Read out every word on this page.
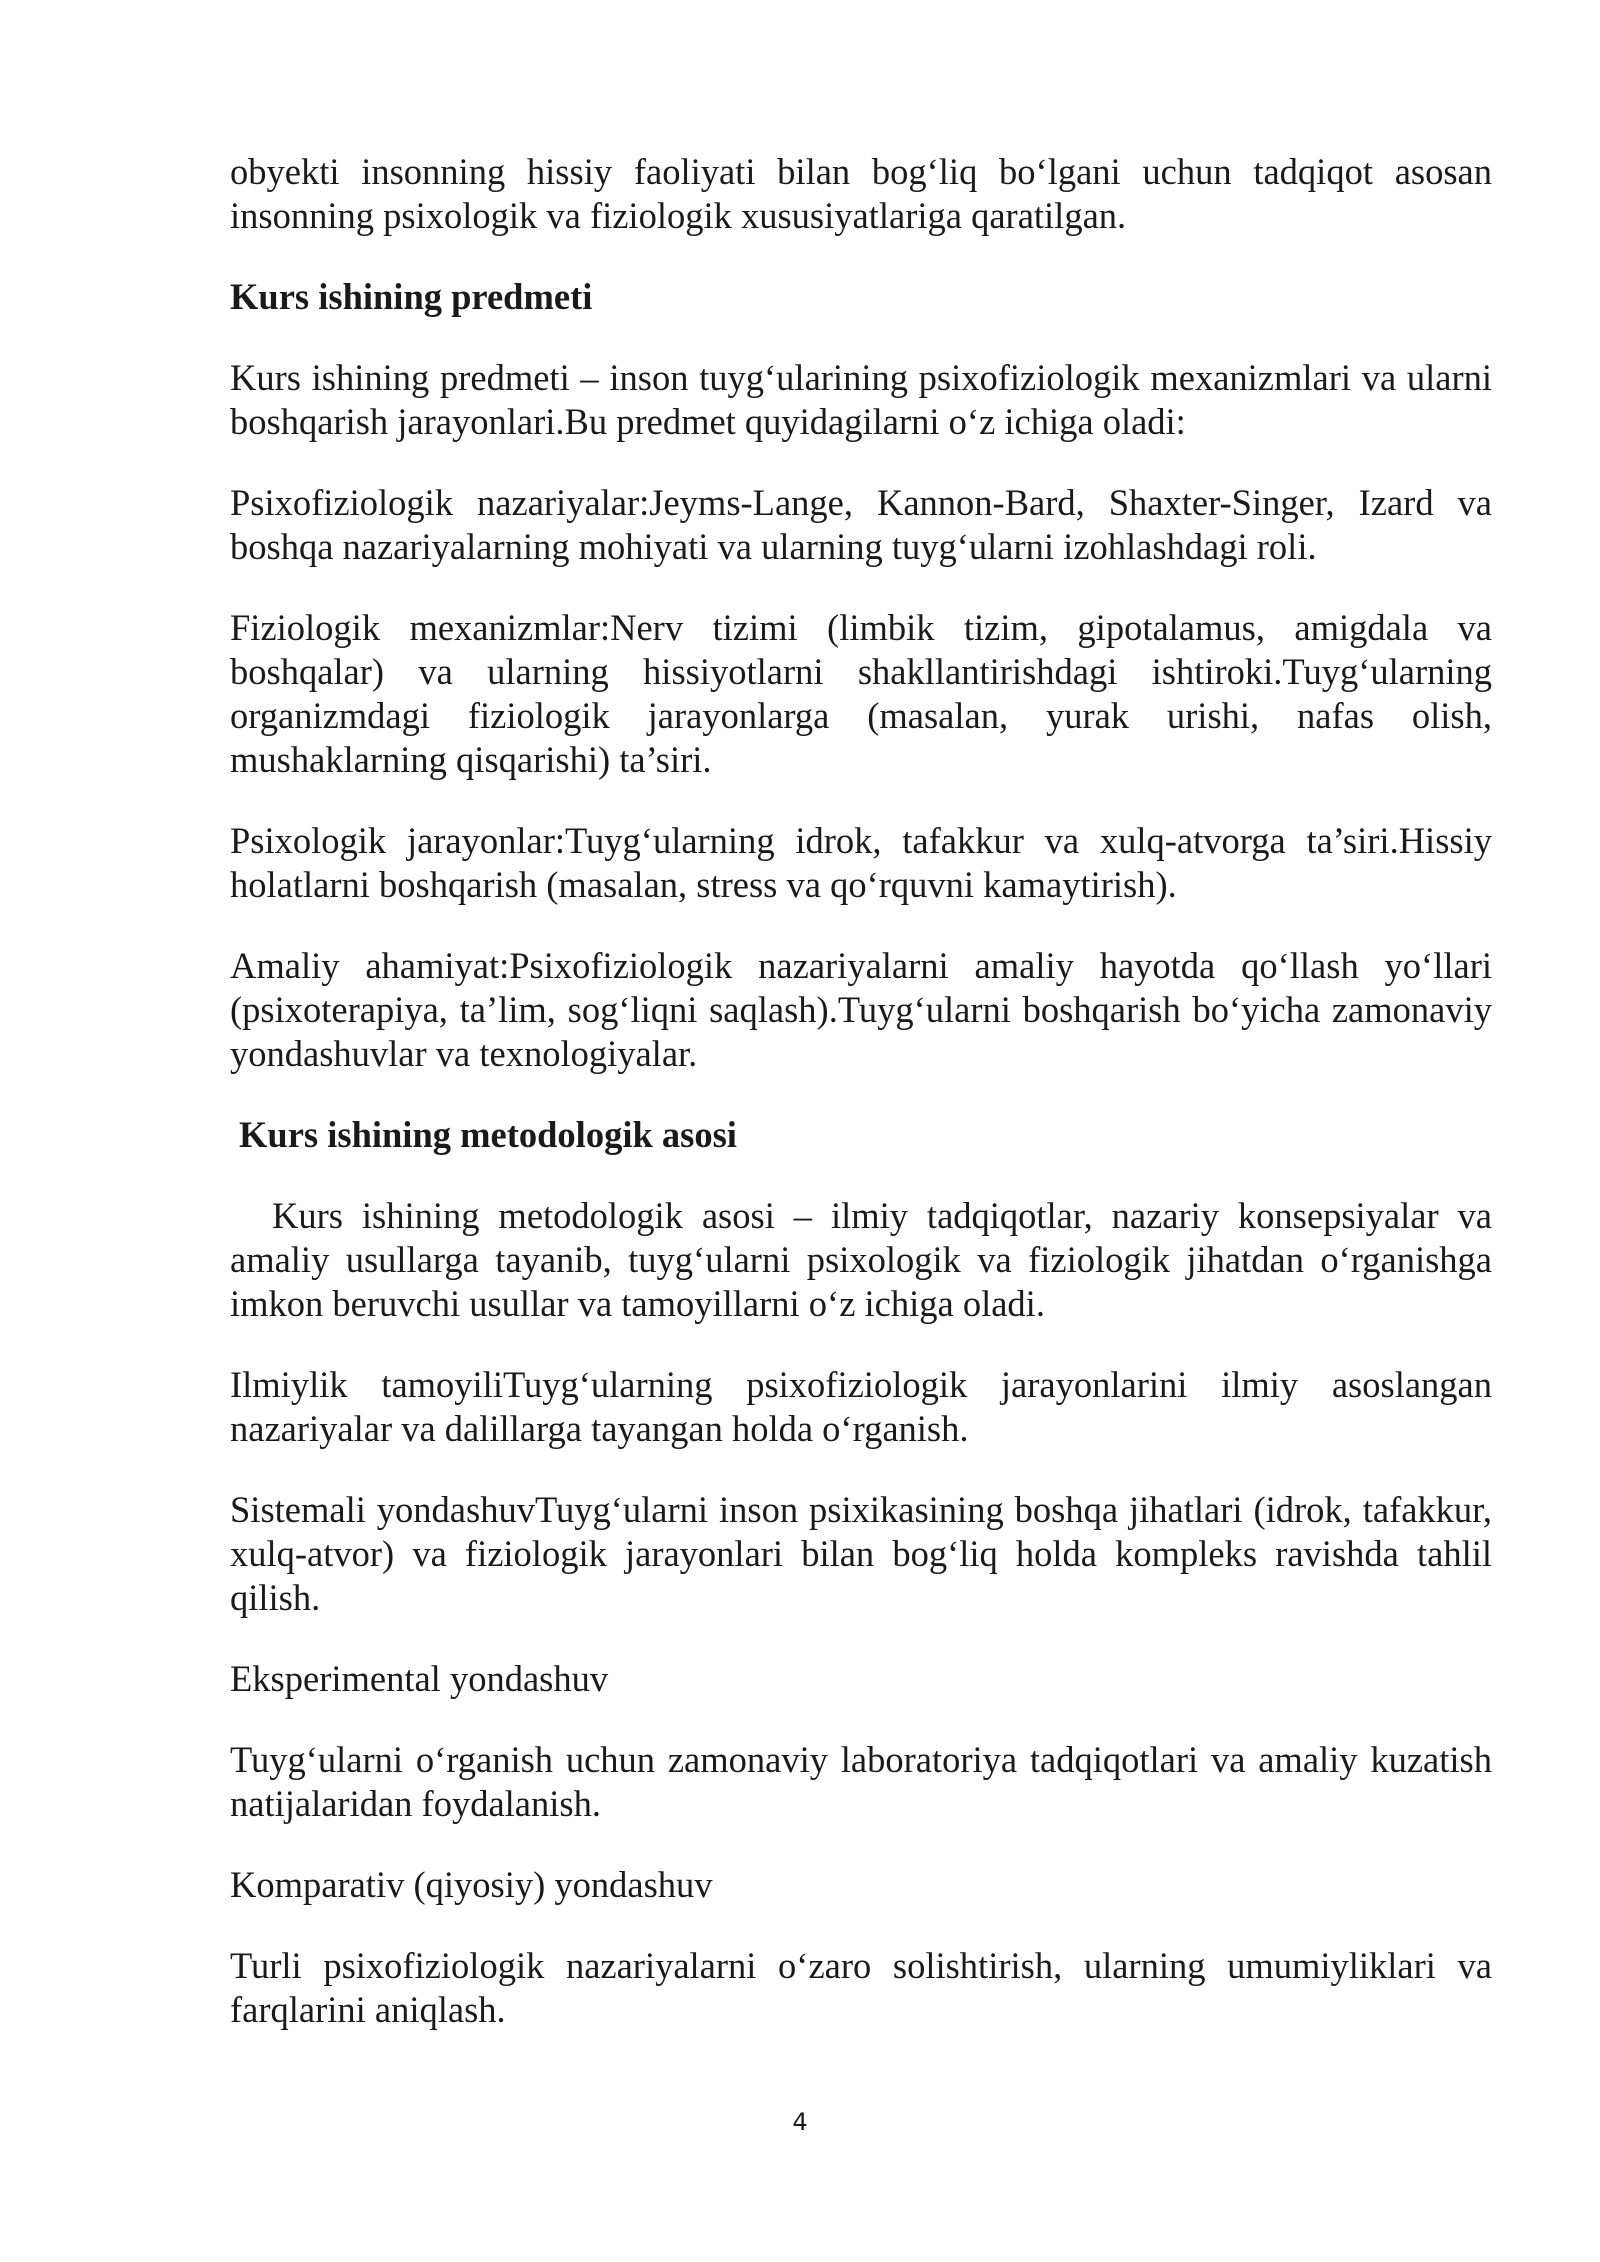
obyekti insonning hissiy faoliyati bilan bog‘liq bo‘lgani uchun tadqiqot asosan insonning psixologik va fiziologik xususiyatlariga qaratilgan.

Kurs ishining predmeti

Kurs ishining predmeti – inson tuyg‘ularining psixofiziologik mexanizmlari va ularni boshqarish jarayonlari.Bu predmet quyidagilarni o‘z ichiga oladi:

Psixofiziologik nazariyalar:Jeyms-Lange, Kannon-Bard, Shaxter-Singer, Izard va boshqa nazariyalarning mohiyati va ularning tuyg‘ularni izohlashdagi roli.

Fiziologik mexanizmlar:Nerv tizimi (limbik tizim, gipotalamus, amigdala va boshqalar) va ularning hissiyotlarni shakllantirishdagi ishtiroki.Tuyg‘ularning organizmdagi fiziologik jarayonlarga (masalan, yurak urishi, nafas olish, mushaklarning qisqarishi) ta’siri.

Psixologik jarayonlar:Tuyg‘ularning idrok, tafakkur va xulq-atvorga ta’siri.Hissiy holatlarni boshqarish (masalan, stress va qo‘rquvni kamaytirish).

Amaliy ahamiyat:Psixofiziologik nazariyalarni amaliy hayotda qo‘llash yo‘llari (psixoterapiya, ta’lim, sog‘liqni saqlash).Tuyg‘ularni boshqarish bo‘yicha zamonaviy yondashuvlar va texnologiyalar.

Kurs ishining metodologik asosi

Kurs ishining metodologik asosi – ilmiy tadqiqotlar, nazariy konsepsiyalar va amaliy usullarga tayanib, tuyg‘ularni psixologik va fiziologik jihatdan o‘rganishga imkon beruvchi usullar va tamoyillarni o‘z ichiga oladi.

Ilmiylik tamoyiliTuyg‘ularning psixofiziologik jarayonlarini ilmiy asoslangan nazariyalar va dalillarga tayangan holda o‘rganish.

Sistemali yondashuvTuyg‘ularni inson psixikasining boshqa jihatlari (idrok, tafakkur, xulq-atvor) va fiziologik jarayonlari bilan bog‘liq holda kompleks ravishda tahlil qilish.

Eksperimental yondashuv

Tuyg‘ularni o‘rganish uchun zamonaviy laboratoriya tadqiqotlari va amaliy kuzatish natijalaridan foydalanish.

Komparativ (qiyosiy) yondashuv

Turli psixofiziologik nazariyalarni o‘zaro solishtirish, ularning umumiyliklari va farqlarini aniqlash.

4
